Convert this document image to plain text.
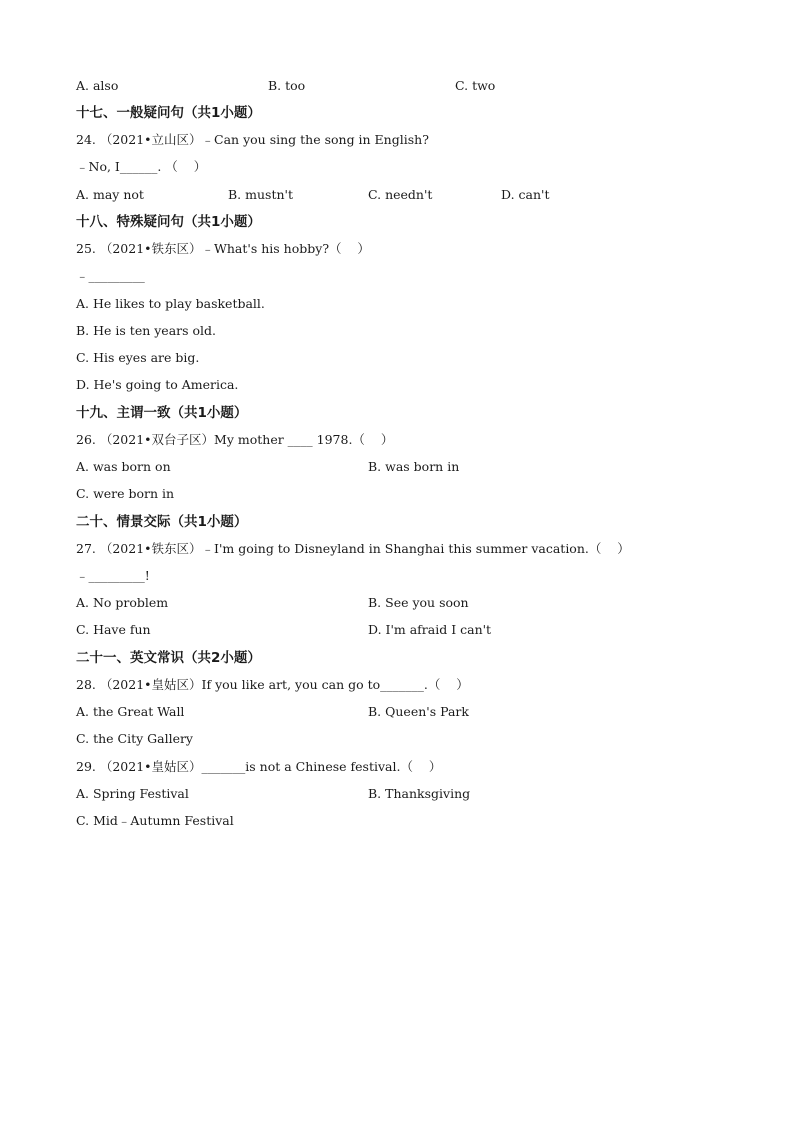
A. also	B. too	C. two
十七、一般疑问句（共1小题）
24. （2021•立山区）﹣Can you sing the song in English?
﹣No, I______. （    ）
A. may not	B. mustn't	C. needn't	D. can't
十八、特殊疑问句（共1小题）
25. （2021•铁东区）﹣What's his hobby?（    ）
﹣_________
A. He likes to play basketball.
B. He is ten years old.
C. His eyes are big.
D. He's going to America.
十九、主谓一致（共1小题）
26. （2021•双台子区）My mother ____ 1978.（    ）
A. was born on	B. was born in
C. were born in
二十、情景交际（共1小题）
27. （2021•铁东区）﹣I'm going to Disneyland in Shanghai this summer vacation.（    ）
﹣_________!
A. No problem	B. See you soon
C. Have fun	D. I'm afraid I can't
二十一、英文常识（共2小题）
28. （2021•皇姑区）If you like art, you can go to_______.（    ）
A. the Great Wall	B. Queen's Park
C. the City Gallery
29. （2021•皇姑区）_______is not a Chinese festival.（    ）
A. Spring Festival	B. Thanksgiving
C. Mid﹣Autumn Festival
